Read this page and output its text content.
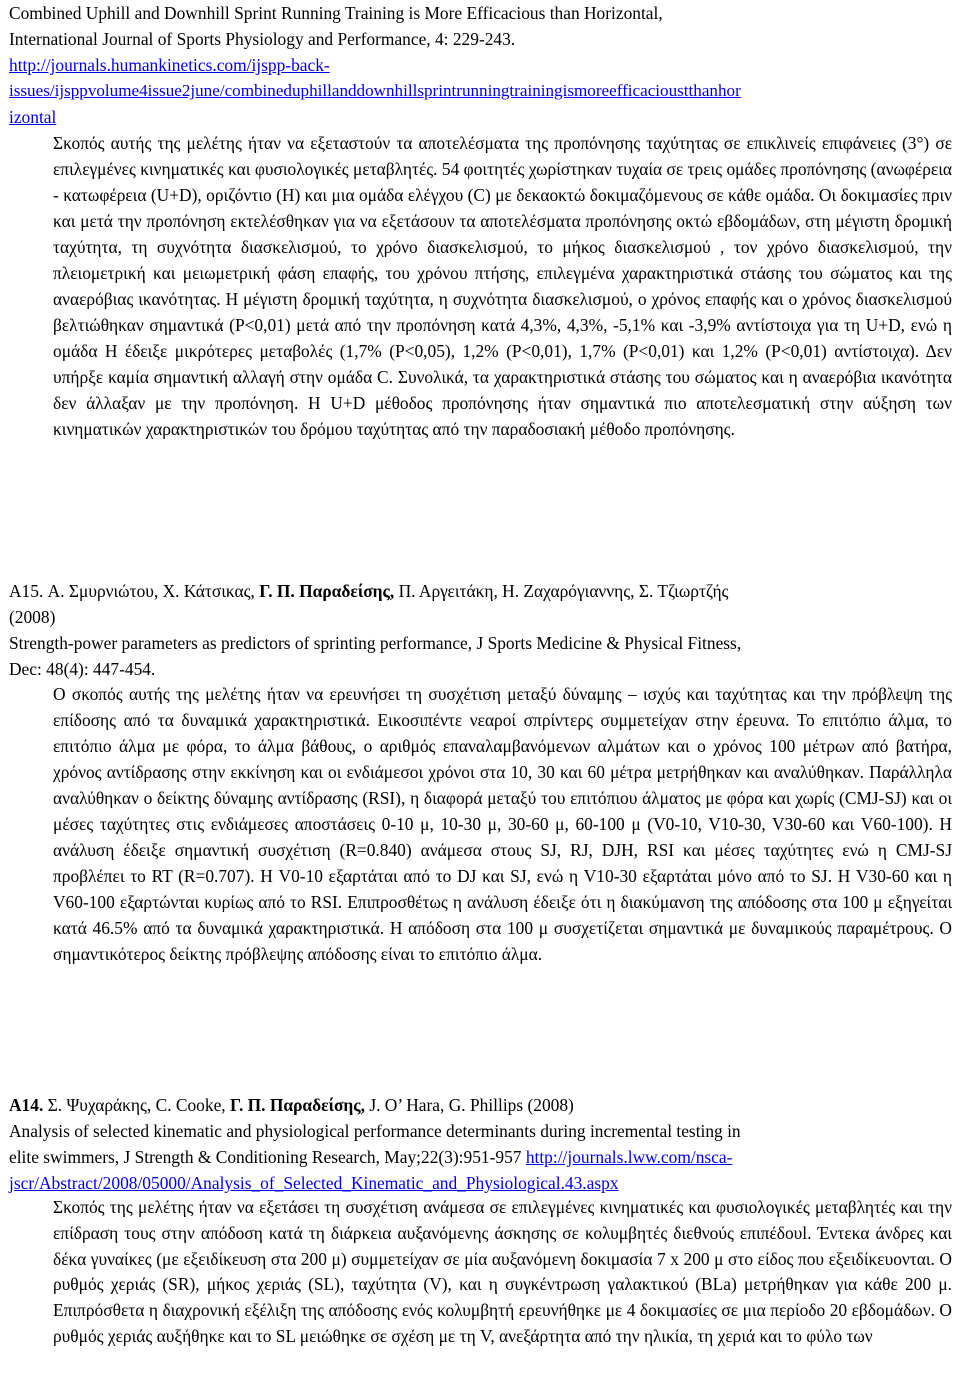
Combined Uphill and Downhill Sprint Running Training is More Efficacious than Horizontal,
International Journal of Sports Physiology and Performance, 4: 229-243.
http://journals.humankinetics.com/ijspp-back-
issues/ijsppvolume4issue2june/combineduphillanddownhillsprintrunningtrainingismoreefficacioustthanhor
izontal

Σκοπός αυτής της μελέτης ήταν να εξεταστούν τα αποτελέσματα της προπόνησης ταχύτητας σε επικλινείς επιφάνειες (3°) σε επιλεγμένες κινηματικές και φυσιολογικές μεταβλητές. 54 φοιτητές χωρίστηκαν τυχαία σε τρεις ομάδες προπόνησης (ανωφέρεια - κατωφέρεια (U+D), οριζόντιο (H) και μια ομάδα ελέγχου (C) με δεκαοκτώ δοκιμαζόμενους σε κάθε ομάδα. Οι δοκιμασίες πριν και μετά την προπόνηση εκτελέσθηκαν για να εξετάσουν τα αποτελέσματα προπόνησης οκτώ εβδομάδων, στη μέγιστη δρομική ταχύτητα, τη συχνότητα διασκελισμού, το χρόνο διασκελισμού, το μήκος διασκελισμού , τον χρόνο διασκελισμού, την πλειομετρική και μειωμετρική φάση επαφής, του χρόνου πτήσης, επιλεγμένα χαρακτηριστικά στάσης του σώματος και της αναερόβιας ικανότητας. Η μέγιστη δρομική ταχύτητα, η συχνότητα διασκελισμού, ο χρόνος επαφής και ο χρόνος διασκελισμού βελτιώθηκαν σημαντικά (P<0,01) μετά από την προπόνηση κατά 4,3%, 4,3%, -5,1% και -3,9% αντίστοιχα για τη U+D, ενώ η ομάδα H έδειξε μικρότερες μεταβολές (1,7% (P<0,05), 1,2% (P<0,01), 1,7% (P<0,01) και 1,2% (P<0,01) αντίστοιχα). Δεν υπήρξε καμία σημαντική αλλαγή στην ομάδα C. Συνολικά, τα χαρακτηριστικά στάσης του σώματος και η αναερόβια ικανότητα δεν άλλαξαν με την προπόνηση. Η U+D μέθοδος προπόνησης ήταν σημαντικά πιο αποτελεσματική στην αύξηση των κινηματικών χαρακτηριστικών του δρόμου ταχύτητας από την παραδοσιακή μέθοδο προπόνησης.

A15. Α. Σμυρνιώτου, Χ. Κάτσικας, Γ. Π. Παραδείσης, Π. Αργειτάκη, Η. Ζαχαρόγιαννης, Σ. Τζιωρτζής
(2008)
Strength-power parameters as predictors of sprinting performance, J Sports Medicine & Physical Fitness,
Dec: 48(4): 447-454.

Ο σκοπός αυτής της μελέτης ήταν να ερευνήσει τη συσχέτιση μεταξύ δύναμης – ισχύς και ταχύτητας και την πρόβλεψη της επίδοσης από τα δυναμικά χαρακτηριστικά. Εικοσιπέντε νεαροί σπρίντερς συμμετείχαν στην έρευνα. Το επιτόπιο άλμα, το επιτόπιο άλμα με φόρα, το άλμα βάθους, ο αριθμός επαναλαμβανόμενων αλμάτων και ο χρόνος 100 μέτρων από βατήρα, χρόνος αντίδρασης στην εκκίνηση και οι ενδιάμεσοι χρόνοι στα 10, 30 και 60 μέτρα μετρήθηκαν και αναλύθηκαν. Παράλληλα αναλύθηκαν ο δείκτης δύναμης αντίδρασης (RSI), η διαφορά μεταξύ του επιτόπιου άλματος με φόρα και χωρίς (CMJ-SJ) και οι μέσες ταχύτητες στις ενδιάμεσες αποστάσεις 0-10 μ, 10-30 μ, 30-60 μ, 60-100 μ (V0-10, V10-30, V30-60 και V60-100). Η ανάλυση έδειξε σημαντική συσχέτιση (R=0.840) ανάμεσα στους SJ, RJ, DJH, RSI και μέσες ταχύτητες ενώ η CMJ-SJ προβλέπει το RT (R=0.707). Η V0-10 εξαρτάται από το DJ και SJ, ενώ η V10-30 εξαρτάται μόνο από το SJ. Η V30-60 και η V60-100 εξαρτώνται κυρίως από το RSI. Επιπροσθέτως η ανάλυση έδειξε ότι η διακύμανση της απόδοσης στα 100 μ εξηγείται κατά 46.5% από τα δυναμικά χαρακτηριστικά. Η απόδοση στα 100 μ συσχετίζεται σημαντικά με δυναμικούς παραμέτρους. Ο σημαντικότερος δείκτης πρόβλεψης απόδοσης είναι το επιτόπιο άλμα.

A14. Σ. Ψυχαράκης, C. Cooke, Γ. Π. Παραδείσης, J. O’ Hara, G. Phillips (2008)
Analysis of selected kinematic and physiological performance determinants during incremental testing in
elite swimmers, J Strength & Conditioning Research, May;22(3):951-957 http://journals.lww.com/nsca-
jscr/Abstract/2008/05000/Analysis_of_Selected_Kinematic_and_Physiological.43.aspx

Σκοπός της μελέτης ήταν να εξετάσει τη συσχέτιση ανάμεσα σε επιλεγμένες κινηματικές και φυσιολογικές μεταβλητές και την επίδραση τους στην απόδοση κατά τη διάρκεια αυξανόμενης άσκησης σε κολυμβητές διεθνούς επιπέδουl. Έντεκα άνδρες και δέκα γυναίκες (με εξειδίκευση στα 200 μ) συμμετείχαν σε μία αυξανόμενη δοκιμασία 7 x 200 μ στο είδος που εξειδίκευονται. Ο ρυθμός χεριάς (SR), μήκος χεριάς (SL), ταχύτητα (V), και η συγκέντρωση γαλακτικού (BLa) μετρήθηκαν για κάθε 200 μ. Επιπρόσθετα η διαχρονική εξέλιξη της απόδοσης ενός κολυμβητή ερευνήθηκε με 4 δοκιμασίες σε μια περίοδο 20 εβδομάδων. Ο ρυθμός χεριάς αυξήθηκε και το SL μειώθηκε σε σχέση με τη V, ανεξάρτητα από την ηλικία, τη χεριά και το φύλο των
